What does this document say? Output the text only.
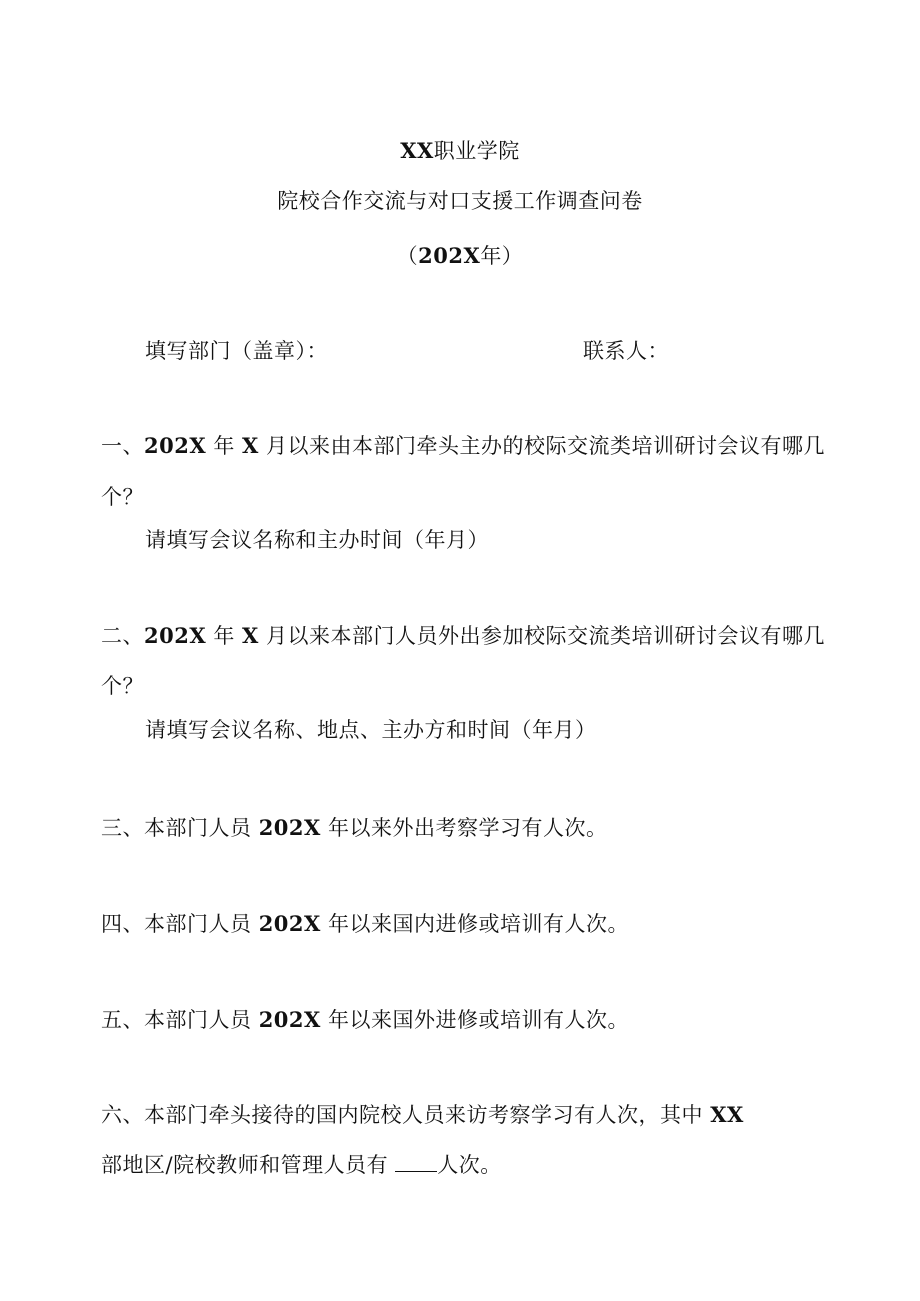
XX职业学院
院校合作交流与对口支援工作调查问卷
（202X年）
填写部门（盖章）：	联系人：
一、202X 年 X 月以来由本部门牵头主办的校际交流类培训研讨会议有哪几
个？
请填写会议名称和主办时间（年月）
二、202X 年 X 月以来本部门人员外出参加校际交流类培训研讨会议有哪几
个？
请填写会议名称、地点、主办方和时间（年月）
三、本部门人员 202X 年以来外出考察学习有人次。
四、本部门人员 202X 年以来国内进修或培训有人次。
五、本部门人员 202X 年以来国外进修或培训有人次。
六、本部门牵头接待的国内院校人员来访考察学习有人次，其中 XX
部地区/院校教师和管理人员有 人次。
